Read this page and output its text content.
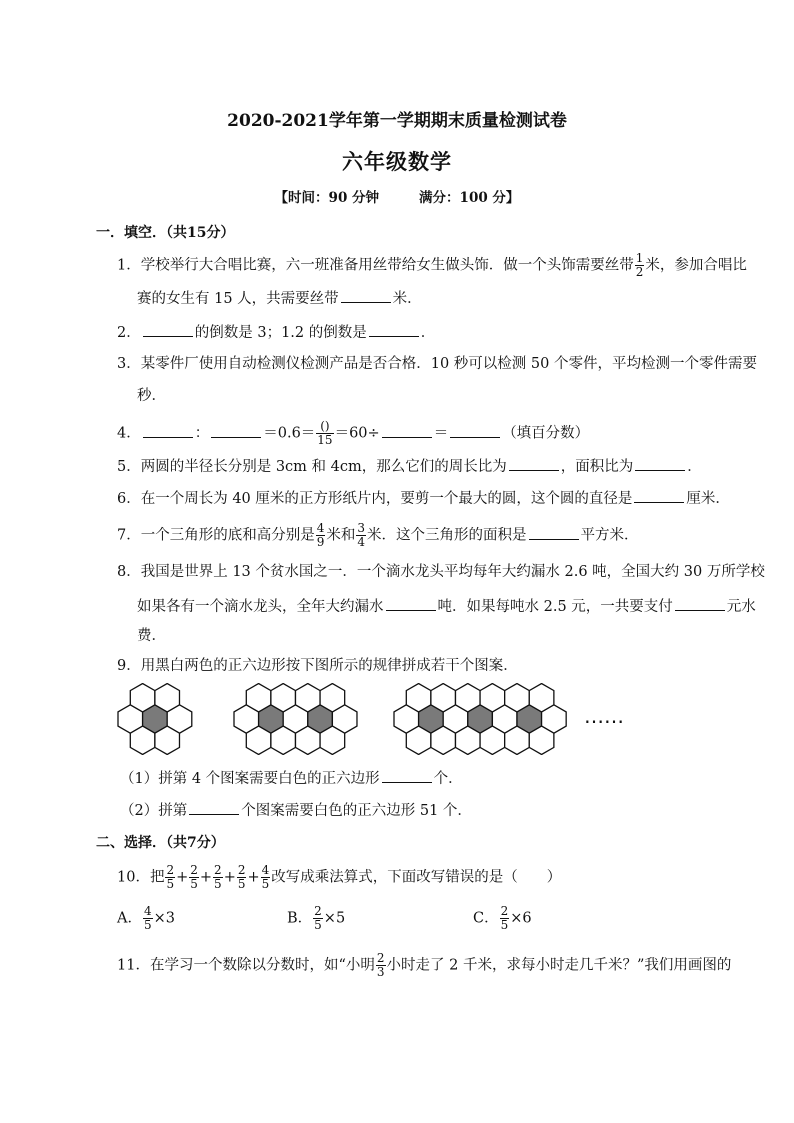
2020-2021学年第一学期期末质量检测试卷
六年级数学
【时间：90 分钟	满分：100 分】
一．填空．（共15分）
1．学校举行大合唱比赛，六一班准备用丝带给女生做头饰．做一个头饰需要丝带 $\frac{1}{2}$ 米，参加合唱比
赛的女生有 15 人，共需要丝带	米．
2．	的倒数是 3；1.2 的倒数是	．
3．某零件厂使用自动检测仪检测产品是否合格．10 秒可以检测 50 个零件，平均检测一个零件需要
秒．
4．	：	$=0.6= \frac{()}{15} =60\div$	＝	（填百分数）
5．两圆的半径长分别是 3cm 和 4cm，那么它们的周长比为	，面积比为	．
6．在一个周长为 40 厘米的正方形纸片内，要剪一个最大的圆，这个圆的直径是	厘米．
7．一个三角形的底和高分别是 $\frac{4}{9}$ 米和 $\frac{3}{4}$ 米．这个三角形的面积是	平方米．
8．我国是世界上 13 个贫水国之一．一个滴水龙头平均每年大约漏水 2.6 吨，全国大约 30 万所学校
如果各有一个滴水龙头，全年大约漏水	吨．如果每吨水 2.5 元，一共要支付	元水
费．
9．用黑白两色的正六边形按下图所示的规律拼成若干个图案．
……
（1）拼第 4 个图案需要白色的正六边形	个．
（2）拼第	个图案需要白色的正六边形 51 个．
二、选择．（共7分）
10．把 $\frac{2}{5} + \frac{2}{5} + \frac{2}{5} + \frac{2}{5} + \frac{4}{5}$ 改写成乘法算式，下面改写错误的是（　　）
A． $\frac{4}{5} \times 3$	B． $\frac{2}{5} \times 5$	C． $\frac{2}{5} \times 6$
11．在学习一个数除以分数时，如“小明 $\frac{2}{3}$ 小时走了 2 千米，求每小时走几千米？”我们用画图的
